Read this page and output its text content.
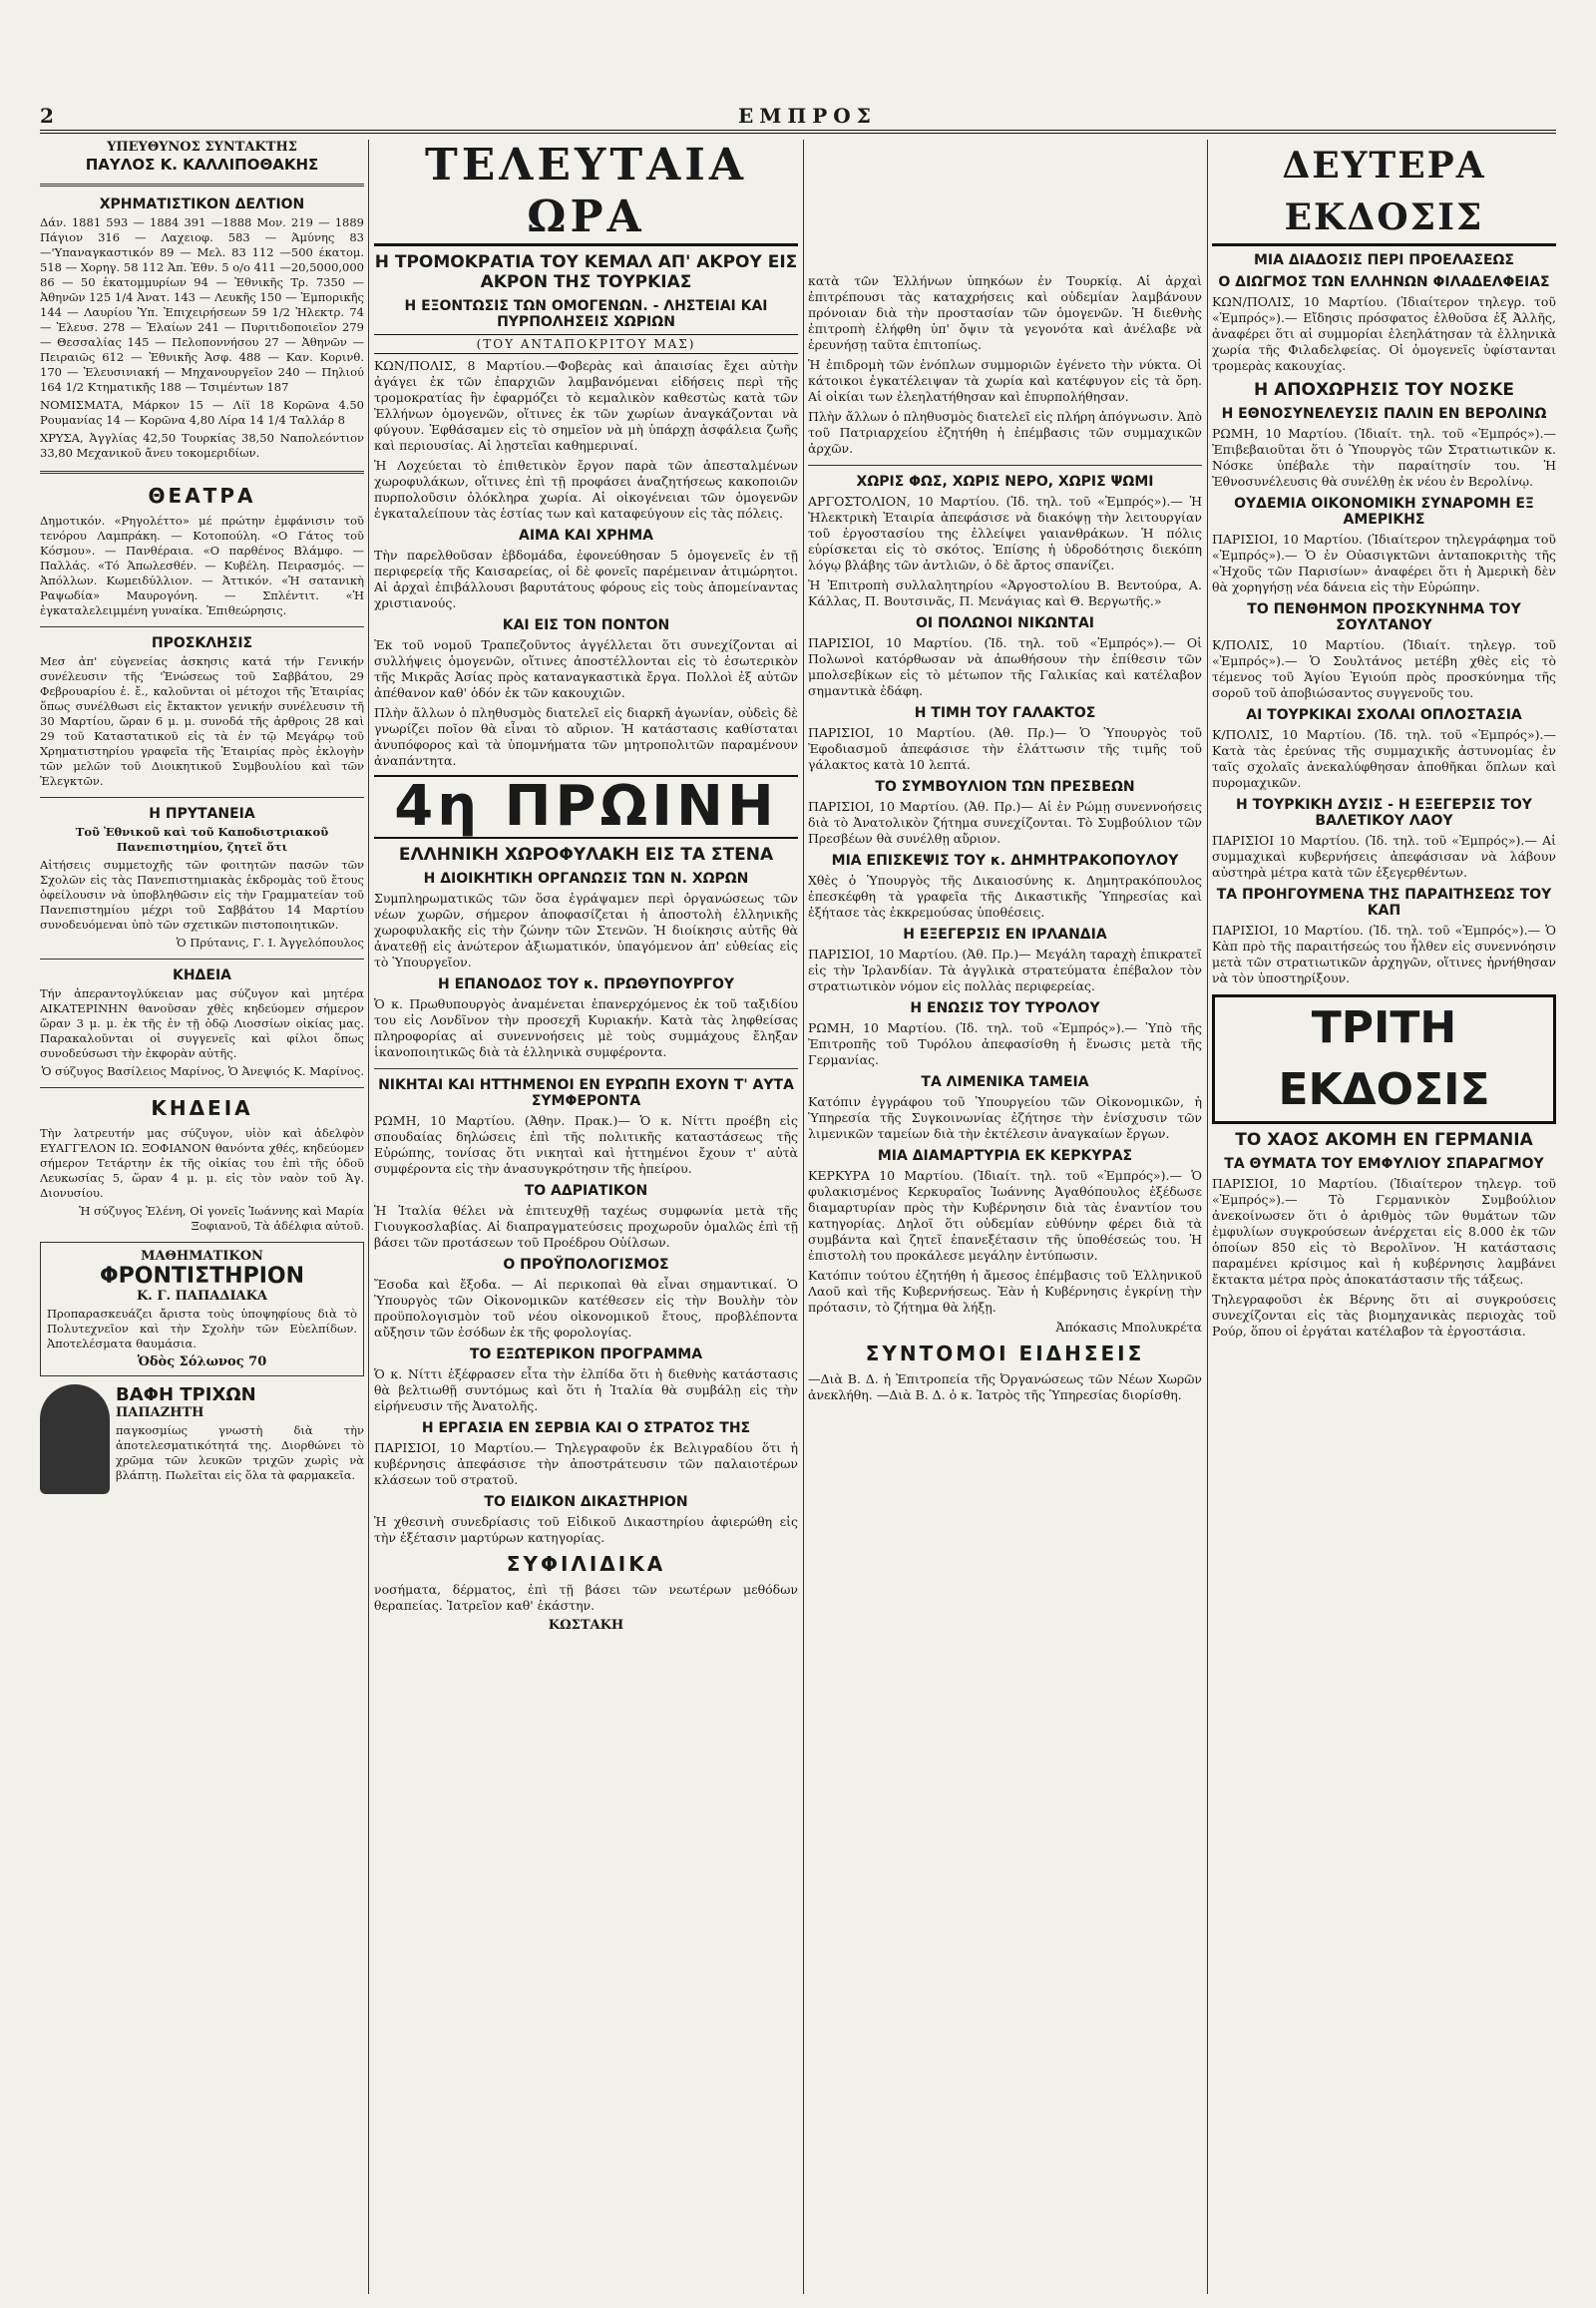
2	ΕΜΠΡΟΣ
ΥΠΕΥΘΥΝΟΣ ΣΥΝΤΑΚΤΗΣ
ΠΑΥΛΟΣ Κ. ΚΑΛΛΙΠΟΘΑΚΗΣ
ΧΡΗΜΑΤΙΣΤΙΚΟΝ ΔΕΛΤΙΟΝ

Δάν. 1881 593 — 1884 391 —1888 Μον. 219 — 1889 Πάγιον 316 — Λαχειοφ. 583 — Άμύνης 83 —'Υπαναγκαστικόν 89 — Μελ. 83 112 —500 έκατομ. 518 — Χορηγ. 58 112 Ἀπ. Ἐθν. 5 ο/ο 411 —20,5000,000 86 — 50 ἑκατομμυρίων 94 — Ἐθνικῆς Τρ. 7350 — Ἀθηνῶν 125 1/4 Ἀνατ. 143 — Λευκῆς 150 — Ἐμπορικῆς 144 — Λαυρίου Ὑπ. Ἐπιχειρήσεων 59 1/2 Ἠλεκτρ. 74 — Ἐλευσ. 278 — Ἐλαίων 241 — Πυριτιδοποιεῖον 279 — Θεσσαλίας 145 — Πελοποννήσου 27 — Ἀθηνῶν — Πειραιῶς 612 — Ἐθνικῆς Ἀσφ. 488 — Καν. Κορινθ. 170 — Ἐλευσινιακή — Μηχανουργεῖον 240 — Πηλιού 164 1/2 Κτηματικῆς 188 — Τσιμέντων 187

ΝΟΜΙΣΜΑΤΑ, Μάρκον 15 — Λίϊ 18 Κορῶνα 4.50 Ρουμανίας 14 — Κορῶνα 4,80 Λίρα 14 1/4 Ταλλάρ 8

ΧΡΥΣΑ, Ἀγγλίας 42,50 Τουρκίας 38,50 Ναπολεόντιον 33,80 Μεχανικοῦ ἄνευ τοκομεριδίων.

ΘΕΑΤΡΑ

Δημοτικόν. «Ρηγολέττο» μέ πρώτην ἐμφάνισιν τοῦ τενόρου Λαμπράκη. — Κοτοπούλη. «Ο Γάτος τοῦ Κόσμου». — Πανθέραια. «Ο παρθένος Βλάμφο. — Παλλάς. «Τό Ἀπωλεσθέν. — Κυβέλη. Πειρασμός. — Ἀπόλλων. Κωμειδύλλιον. — Ἀττικόν. «Ἡ σατανικὴ Ραψωδία» Μαυρογόνη. — Σπλέντιτ. «Ἡ ἐγκαταλελειμμένη γυναίκα. Ἐπιθεώρησις.

ΠΡΟΣΚΛΗΣΙΣ

Μεσ ἀπ' εὐγενείας ἀσκησις κατά τήν Γενικήν συνέλευσιν τῆς 'Ἑνώσεως τοῦ Σαββάτου, 29 Φεβρουαρίου ἐ. ἔ., καλοῦνται οἱ μέτοχοι τῆς Ἐταιρίας ὅπως συνέλθωσι εἰς ἔκτακτον γενικήν συνέλευσιν τῆ 30 Μαρτίου, ὥραν 6 μ. μ. συνοδά τῆς ἀρθροις 28 καὶ 29 τοῦ Καταστατικοῦ εἰς τὰ ἐν τῷ Μεγάρῳ τοῦ Χρηματιστηρίου γραφεῖα τῆς Ἐταιρίας πρὸς ἐκλογὴν τῶν μελῶν τοῦ Διοικητικοῦ Συμβουλίου καὶ τῶν Ἐλεγκτῶν.

Η ΠΡΥΤΑΝΕΙΑ

Τοῦ Ἐθνικοῦ καὶ τοῦ Καποδιστριακοῦ Πανεπιστημίου, ζητεῖ ὅτι

Αἰτήσεις συμμετοχῆς τῶν φοιτητῶν πασῶν τῶν Σχολῶν εἰς τὰς Πανεπιστημιακὰς ἐκδρομὰς τοῦ ἔτους ὀφείλουσιν νὰ ὑποβληθῶσιν εἰς τὴν Γραμματείαν τοῦ Πανεπιστημίου μέχρι τοῦ Σαββάτου 14 Μαρτίου συνοδευόμεναι ὑπὸ τῶν σχετικῶν πιστοποιητικῶν.

Ὁ Πρύτανις, Γ. Ι. Ἀγγελόπουλος

ΚΗΔΕΙΑ

Τήν ἀπεραντογλύκειαν μας σύζυγον καὶ μητέρα ΑΙΚΑΤΕΡΙΝΗΝ θανοῦσαν χθὲς κηδεύομεν σήμερον ὥραν 3 μ. μ. ἐκ τῆς ἐν τῇ ὁδῷ Λιοσσίων οἰκίας μας. Παρακαλοῦνται οἱ συγγενεῖς καὶ φίλοι ὅπως συνοδεύσωσι τὴν ἐκφορὰν αὐτῆς.

Ὁ σύζυγος Βασίλειος Μαρίνος, Ὁ Ἀνεψιός Κ. Μαρίνος.

ΚΗΔΕΙΑ

Τὴν λατρευτήν μας σύζυγον, υἱὸν καὶ ἀδελφὸν ΕΥΑΓΓΕΛΟΝ ΙΩ. ΞΟΦΙΑΝΟΝ θανόντα χθές, κηδεύομεν σήμερον Τετάρτην ἐκ τῆς οἰκίας του ἐπὶ τῆς ὁδοῦ Λευκωσίας 5, ὥραν 4 μ. μ. εἰς τὸν ναὸν τοῦ Ἀγ. Διονυσίου.

Ἡ σύζυγος Ἑλένη, Οἱ γονεῖς Ἰωάννης καὶ Μαρία Ξοφιανοῦ, Τὰ ἀδέλφια αὐτοῦ.

ΜΑΘΗΜΑΤΙΚΟΝ
ΦΡΟΝΤΙΣΤΗΡΙΟΝ
Κ. Γ. ΠΑΠΑΔΙΑΚΑ

Προπαρασκευάζει ἄριστα τοὺς ὑποψηφίους διὰ τὸ Πολυτεχνεῖον καὶ τὴν Σχολὴν τῶν Εὐελπίδων. Ἀποτελέσματα θαυμάσια.

Ὁδὸς Σόλωνος 70
ΒΑΦΗ ΤΡΙΧΩΝ
ΠΑΠΑΖΗΤΗ

παγκοσμίως γνωστὴ διὰ τὴν ἀποτελεσματικότητά της. Διορθώνει τὸ χρῶμα τῶν λευκῶν τριχῶν χωρὶς νὰ βλάπτῃ. Πωλεῖται εἰς ὅλα τὰ φαρμακεῖα.

ΤΕΛΕΥΤΑΙΑ ΩΡΑ
Η ΤΡΟΜΟΚΡΑΤΙΑ ΤΟΥ ΚΕΜΑΛ ΑΠ' ΑΚΡΟΥ ΕΙΣ ΑΚΡΟΝ ΤΗΣ ΤΟΥΡΚΙΑΣ
Η ΕΞΟΝΤΩΣΙΣ ΤΩΝ ΟΜΟΓΕΝΩΝ. - ΛΗΣΤΕΙΑΙ ΚΑΙ ΠΥΡΠΟΛΗΣΕΙΣ ΧΩΡΙΩΝ
(ΤΟΥ ΑΝΤΑΠΟΚΡΙΤΟΥ ΜΑΣ)

ΚΩΝ/ΠΟΛΙΣ, 8 Μαρτίου.—Φοβερὰς καὶ ἀπαισίας ἔχει αὐτὴν ἀγάγει ἐκ τῶν ἐπαρχιῶν λαμβανόμεναι εἰδήσεις περὶ τῆς τρομοκρατίας ἣν ἐφαρμόζει τὸ κεμαλικὸν καθεστὼς κατὰ τῶν Ἑλλήνων ὁμογενῶν, οἵτινες ἐκ τῶν χωρίων ἀναγκάζονται νὰ φύγουν. Ἐφθάσαμεν εἰς τὸ σημεῖον νὰ μὴ ὑπάρχῃ ἀσφάλεια ζωῆς καὶ περιουσίας. Αἱ λῃστεῖαι καθημεριναί.

Ἡ Λοχεύεται τὸ ἐπιθετικὸν ἔργον παρὰ τῶν ἀπεσταλμένων χωροφυλάκων, οἵτινες ἐπὶ τῇ προφάσει ἀναζητήσεως κακοποιῶν πυρπολοῦσιν ὁλόκληρα χωρία. Αἱ οἰκογένειαι τῶν ὁμογενῶν ἐγκαταλείπουν τὰς ἑστίας των καὶ καταφεύγουν εἰς τὰς πόλεις.

ΑΙΜΑ ΚΑΙ ΧΡΗΜΑ

Τὴν παρελθοῦσαν ἑβδομάδα, ἐφονεύθησαν 5 ὁμογενεῖς ἐν τῇ περιφερείᾳ τῆς Καισαρείας, οἱ δὲ φονεῖς παρέμειναν ἀτιμώρητοι. Αἱ ἀρχαὶ ἐπιβάλλουσι βαρυτάτους φόρους εἰς τοὺς ἀπομείναντας χριστιανούς.

ΚΑΙ ΕΙΣ ΤΟΝ ΠΟΝΤΟΝ

Ἐκ τοῦ νομοῦ Τραπεζοῦντος ἀγγέλλεται ὅτι συνεχίζονται αἱ συλλήψεις ὁμογενῶν, οἵτινες ἀποστέλλονται εἰς τὸ ἐσωτερικὸν τῆς Μικρᾶς Ἀσίας πρὸς καταναγκαστικὰ ἔργα. Πολλοὶ ἐξ αὐτῶν ἀπέθανον καθ' ὁδόν ἐκ τῶν κακουχιῶν.

Πλὴν ἄλλων ὁ πληθυσμὸς διατελεῖ εἰς διαρκῆ ἀγωνίαν, οὐδεὶς δὲ γνωρίζει ποῖον θὰ εἶναι τὸ αὔριον. Ἡ κατάστασις καθίσταται ἀνυπόφορος καὶ τὰ ὑπομνήματα τῶν μητροπολιτῶν παραμένουν ἀναπάντητα.

4η ΠΡΩΙΝΗ
ΕΛΛΗΝΙΚΗ ΧΩΡΟΦΥΛΑΚΗ ΕΙΣ ΤΑ ΣΤΕΝΑ
Η ΔΙΟΙΚΗΤΙΚΗ ΟΡΓΑΝΩΣΙΣ ΤΩΝ Ν. ΧΩΡΩΝ

Συμπληρωματικῶς τῶν ὅσα ἐγράψαμεν περὶ ὀργανώσεως τῶν νέων χωρῶν, σήμερον ἀποφασίζεται ἡ ἀποστολὴ ἑλληνικῆς χωροφυλακῆς εἰς τὴν ζώνην τῶν Στενῶν. Ἡ διοίκησις αὐτῆς θὰ ἀνατεθῇ εἰς ἀνώτερον ἀξιωματικόν, ὑπαγόμενον ἀπ' εὐθείας εἰς τὸ Ὑπουργεῖον.

Η ΕΠΑΝΟΔΟΣ ΤΟΥ κ. ΠΡΩΘΥΠΟΥΡΓΟΥ

Ὁ κ. Πρωθυπουργὸς ἀναμένεται ἐπανερχόμενος ἐκ τοῦ ταξιδίου του εἰς Λονδῖνον τὴν προσεχῆ Κυριακήν. Κατὰ τὰς ληφθείσας πληροφορίας αἱ συνεννοήσεις μὲ τοὺς συμμάχους ἔληξαν ἱκανοποιητικῶς διὰ τὰ ἑλληνικὰ συμφέροντα.

ΝΙΚΗΤΑΙ ΚΑΙ ΗΤΤΗΜΕΝΟΙ ΕΝ ΕΥΡΩΠΗ ΕΧΟΥΝ Τ' ΑΥΤΑ ΣΥΜΦΕΡΟΝΤΑ

ΡΩΜΗ, 10 Μαρτίου. (Ἀθην. Πρακ.)— Ὁ κ. Νίττι προέβη εἰς σπουδαίας δηλώσεις ἐπὶ τῆς πολιτικῆς καταστάσεως τῆς Εὐρώπης, τονίσας ὅτι νικηταὶ καὶ ἡττημένοι ἔχουν τ' αὐτὰ συμφέροντα εἰς τὴν ἀνασυγκρότησιν τῆς ἠπείρου.

ΤΟ ΑΔΡΙΑΤΙΚΟΝ

Ἡ Ἰταλία θέλει νὰ ἐπιτευχθῇ ταχέως συμφωνία μετὰ τῆς Γιουγκοσλαβίας. Αἱ διαπραγματεύσεις προχωροῦν ὁμαλῶς ἐπὶ τῇ βάσει τῶν προτάσεων τοῦ Προέδρου Οὐίλσων.

Ο ΠΡΟΫΠΟΛΟΓΙΣΜΟΣ

Ἔσοδα καὶ ἔξοδα. — Αἱ περικοπαὶ θὰ εἶναι σημαντικαί. Ὁ Ὑπουργὸς τῶν Οἰκονομικῶν κατέθεσεν εἰς τὴν Βουλὴν τὸν προϋπολογισμὸν τοῦ νέου οἰκονομικοῦ ἔτους, προβλέποντα αὔξησιν τῶν ἐσόδων ἐκ τῆς φορολογίας.

ΤΟ ΕΞΩΤΕΡΙΚΟΝ ΠΡΟΓΡΑΜΜΑ

Ὁ κ. Νίττι ἐξέφρασεν εἶτα τὴν ἐλπίδα ὅτι ἡ διεθνὴς κατάστασις θὰ βελτιωθῇ συντόμως καὶ ὅτι ἡ Ἰταλία θὰ συμβάλῃ εἰς τὴν εἰρήνευσιν τῆς Ἀνατολῆς.

Η ΕΡΓΑΣΙΑ ΕΝ ΣΕΡΒΙΑ ΚΑΙ Ο ΣΤΡΑΤΟΣ ΤΗΣ

ΠΑΡΙΣΙΟΙ, 10 Μαρτίου.— Τηλεγραφοῦν ἐκ Βελιγραδίου ὅτι ἡ κυβέρνησις ἀπεφάσισε τὴν ἀποστράτευσιν τῶν παλαιοτέρων κλάσεων τοῦ στρατοῦ.

ΤΟ ΕΙΔΙΚΟΝ ΔΙΚΑΣΤΗΡΙΟΝ

Ἡ χθεσινὴ συνεδρίασις τοῦ Εἰδικοῦ Δικαστηρίου ἀφιερώθη εἰς τὴν ἐξέτασιν μαρτύρων κατηγορίας.

ΣΥΦΙΛΙΔΙΚΑ

νοσήματα, δέρματος, ἐπὶ τῇ βάσει τῶν νεωτέρων μεθόδων θεραπείας. Ἰατρεῖον καθ' ἑκάστην.

ΚΩΣΤΑΚΗ

κατὰ τῶν Ἑλλήνων ὑπηκόων ἐν Τουρκίᾳ. Αἱ ἀρχαὶ ἐπιτρέπουσι τὰς καταχρήσεις καὶ οὐδεμίαν λαμβάνουν πρόνοιαν διὰ τὴν προστασίαν τῶν ὁμογενῶν. Ἡ διεθνὴς ἐπιτροπὴ ἐλήφθη ὑπ' ὄψιν τὰ γεγονότα καὶ ἀνέλαβε νὰ ἐρευνήσῃ ταῦτα ἐπιτοπίως.

Ἡ ἐπιδρομὴ τῶν ἐνόπλων συμμοριῶν ἐγένετο τὴν νύκτα. Οἱ κάτοικοι ἐγκατέλειψαν τὰ χωρία καὶ κατέφυγον εἰς τὰ ὄρη. Αἱ οἰκίαι των ἐλεηλατήθησαν καὶ ἐπυρπολήθησαν.

Πλὴν ἄλλων ὁ πληθυσμὸς διατελεῖ εἰς πλήρη ἀπόγνωσιν. Ἀπὸ τοῦ Πατριαρχείου ἐζητήθη ἡ ἐπέμβασις τῶν συμμαχικῶν ἀρχῶν.

ΧΩΡΙΣ ΦΩΣ, ΧΩΡΙΣ ΝΕΡΟ, ΧΩΡΙΣ ΨΩΜΙ

ΑΡΓΟΣΤΟΛΙΟΝ, 10 Μαρτίου. (Ἰδ. τηλ. τοῦ «Ἐμπρός»).— Ἡ Ἠλεκτρικὴ Ἑταιρία ἀπεφάσισε νὰ διακόψῃ τὴν λειτουργίαν τοῦ ἐργοστασίου της ἐλλείψει γαιανθράκων. Ἡ πόλις εὑρίσκεται εἰς τὸ σκότος. Ἐπίσης ἡ ὑδροδότησις διεκόπη λόγῳ βλάβης τῶν ἀντλιῶν, ὁ δὲ ἄρτος σπανίζει.

Ἡ Ἐπιτροπὴ συλλαλητηρίου «Ἀργοστολίου Β. Βεντούρα, Α. Κάλλας, Π. Βουτσινᾶς, Π. Μενάγιας καὶ Θ. Βεργωτῆς.»

ΟΙ ΠΟΛΩΝΟΙ ΝΙΚΩΝΤΑΙ

ΠΑΡΙΣΙΟΙ, 10 Μαρτίου. (Ἰδ. τηλ. τοῦ «Ἐμπρός»).— Οἱ Πολωνοὶ κατόρθωσαν νὰ ἀπωθήσουν τὴν ἐπίθεσιν τῶν μπολσεβίκων εἰς τὸ μέτωπον τῆς Γαλικίας καὶ κατέλαβον σημαντικὰ ἐδάφη.

Η ΤΙΜΗ ΤΟΥ ΓΑΛΑΚΤΟΣ

ΠΑΡΙΣΙΟΙ, 10 Μαρτίου. (Ἀθ. Πρ.)— Ὁ Ὑπουργὸς τοῦ Ἐφοδιασμοῦ ἀπεφάσισε τὴν ἐλάττωσιν τῆς τιμῆς τοῦ γάλακτος κατὰ 10 λεπτά.

ΤΟ ΣΥΜΒΟΥΛΙΟΝ ΤΩΝ ΠΡΕΣΒΕΩΝ

ΠΑΡΙΣΙΟΙ, 10 Μαρτίου. (Ἀθ. Πρ.)— Αἱ ἐν Ρώμῃ συνεννοήσεις διὰ τὸ Ἀνατολικὸν ζήτημα συνεχίζονται. Τὸ Συμβούλιον τῶν Πρεσβέων θὰ συνέλθῃ αὔριον.

ΜΙΑ ΕΠΙΣΚΕΨΙΣ ΤΟΥ κ. ΔΗΜΗΤΡΑΚΟΠΟΥΛΟΥ

Χθὲς ὁ Ὑπουργὸς τῆς Δικαιοσύνης κ. Δημητρακόπουλος ἐπεσκέφθη τὰ γραφεῖα τῆς Δικαστικῆς Ὑπηρεσίας καὶ ἐξήτασε τὰς ἐκκρεμούσας ὑποθέσεις.

Η ΕΞΕΓΕΡΣΙΣ ΕΝ ΙΡΛΑΝΔΙΑ

ΠΑΡΙΣΙΟΙ, 10 Μαρτίου. (Ἀθ. Πρ.)— Μεγάλη ταραχὴ ἐπικρατεῖ εἰς τὴν Ἰρλανδίαν. Τὰ ἀγγλικὰ στρατεύματα ἐπέβαλον τὸν στρατιωτικὸν νόμον εἰς πολλὰς περιφερείας.

Η ΕΝΩΣΙΣ ΤΟΥ ΤΥΡΟΛΟΥ

ΡΩΜΗ, 10 Μαρτίου. (Ἰδ. τηλ. τοῦ «Ἐμπρός»).— Ὑπὸ τῆς Ἐπιτροπῆς τοῦ Τυρόλου ἀπεφασίσθη ἡ ἕνωσις μετὰ τῆς Γερμανίας.

ΤΑ ΛΙΜΕΝΙΚΑ ΤΑΜΕΙΑ

Κατόπιν ἐγγράφου τοῦ Ὑπουργείου τῶν Οἰκονομικῶν, ἡ Ὑπηρεσία τῆς Συγκοινωνίας ἐζήτησε τὴν ἐνίσχυσιν τῶν λιμενικῶν ταμείων διὰ τὴν ἐκτέλεσιν ἀναγκαίων ἔργων.

ΜΙΑ ΔΙΑΜΑΡΤΥΡΙΑ ΕΚ ΚΕΡΚΥΡΑΣ

ΚΕΡΚΥΡΑ 10 Μαρτίου. (Ἰδιαίτ. τηλ. τοῦ «Ἐμπρός»).— Ὁ φυλακισμένος Κερκυραῖος Ἰωάννης Ἀγαθόπουλος ἐξέδωσε διαμαρτυρίαν πρὸς τὴν Κυβέρνησιν διὰ τὰς ἐναντίον του κατηγορίας. Δηλοῖ ὅτι οὐδεμίαν εὐθύνην φέρει διὰ τὰ συμβάντα καὶ ζητεῖ ἐπανεξέτασιν τῆς ὑποθέσεώς του. Ἡ ἐπιστολὴ του προκάλεσε μεγάλην ἐντύπωσιν.

Κατόπιν τούτου ἐζητήθη ἡ ἄμεσος ἐπέμβασις τοῦ Ἑλληνικοῦ Λαοῦ καὶ τῆς Κυβερνήσεως. Ἐὰν ἡ Κυβέρνησις ἐγκρίνῃ τὴν πρότασιν, τὸ ζήτημα θὰ λήξῃ.

Ἀπόκασις Μπολυκρέτα

ΣΥΝΤΟΜΟΙ ΕΙΔΗΣΕΙΣ

—Διὰ Β. Δ. ἡ Ἐπιτροπεία τῆς Ὀργανώσεως τῶν Νέων Χωρῶν ἀνεκλήθη. —Διὰ Β. Δ. ὁ κ. Ἰατρὸς τῆς Ὑπηρεσίας διορίσθη.

ΔΕΥΤΕΡΑ ΕΚΔΟΣΙΣ
ΜΙΑ ΔΙΑΔΟΣΙΣ ΠΕΡΙ ΠΡΟΕΛΑΣΕΩΣ
Ο ΔΙΩΓΜΟΣ ΤΩΝ ΕΛΛΗΝΩΝ ΦΙΛΑΔΕΛΦΕΙΑΣ

ΚΩΝ/ΠΟΛΙΣ, 10 Μαρτίου. (Ἰδιαίτερον τηλεγρ. τοῦ «Ἐμπρός»).— Εἴδησις πρόσφατος ἐλθοῦσα ἐξ Ἀλλῆς, ἀναφέρει ὅτι αἱ συμμορίαι ἐλεηλάτησαν τὰ ἑλληνικὰ χωρία τῆς Φιλαδελφείας. Οἱ ὁμογενεῖς ὑφίστανται τρομερὰς κακουχίας.

Η ΑΠΟΧΩΡΗΣΙΣ ΤΟΥ ΝΟΣΚΕ
Η ΕΘΝΟΣΥΝΕΛΕΥΣΙΣ ΠΑΛΙΝ ΕΝ ΒΕΡΟΛΙΝΩ

ΡΩΜΗ, 10 Μαρτίου. (Ἰδιαίτ. τηλ. τοῦ «Ἐμπρός»).— Ἐπιβεβαιοῦται ὅτι ὁ Ὑπουργὸς τῶν Στρατιωτικῶν κ. Νόσκε ὑπέβαλε τὴν παραίτησίν του. Ἡ Ἐθνοσυνέλευσις θὰ συνέλθῃ ἐκ νέου ἐν Βερολίνῳ.

ΟΥΔΕΜΙΑ ΟΙΚΟΝΟΜΙΚΗ ΣΥΝΑΡΟΜΗ ΕΞ ΑΜΕΡΙΚΗΣ

ΠΑΡΙΣΙΟΙ, 10 Μαρτίου. (Ἰδιαίτερον τηλεγράφημα τοῦ «Ἐμπρός»).— Ὁ ἐν Οὐασιγκτῶνι ἀνταποκριτὴς τῆς «Ἠχοῦς τῶν Παρισίων» ἀναφέρει ὅτι ἡ Ἀμερικὴ δὲν θὰ χορηγήσῃ νέα δάνεια εἰς τὴν Εὐρώπην.

ΤΟ ΠΕΝΘΗΜΟΝ ΠΡΟΣΚΥΝΗΜΑ ΤΟΥ ΣΟΥΛΤΑΝΟΥ

Κ/ΠΟΛΙΣ, 10 Μαρτίου. (Ἰδιαίτ. τηλεγρ. τοῦ «Ἐμπρός»).— Ὁ Σουλτάνος μετέβη χθὲς εἰς τὸ τέμενος τοῦ Ἁγίου Ἐγιούπ πρὸς προσκύνημα τῆς σοροῦ τοῦ ἀποβιώσαντος συγγενοῦς του.

ΑΙ ΤΟΥΡΚΙΚΑΙ ΣΧΟΛΑΙ ΟΠΛΟΣΤΑΣΙΑ

Κ/ΠΟΛΙΣ, 10 Μαρτίου. (Ἰδ. τηλ. τοῦ «Ἐμπρός»).— Κατὰ τὰς ἐρεύνας τῆς συμμαχικῆς ἀστυνομίας ἐν ταῖς σχολαῖς ἀνεκαλύφθησαν ἀποθῆκαι ὅπλων καὶ πυρομαχικῶν.

Η ΤΟΥΡΚΙΚΗ ΔΥΣΙΣ - Η ΕΞΕΓΕΡΣΙΣ ΤΟΥ ΒΑΛΕΤΙΚΟΥ ΛΑΟΥ

ΠΑΡΙΣΙΟΙ 10 Μαρτίου. (Ἰδ. τηλ. τοῦ «Ἐμπρός»).— Αἱ συμμαχικαὶ κυβερνήσεις ἀπεφάσισαν νὰ λάβουν αὐστηρὰ μέτρα κατὰ τῶν ἐξεγερθέντων.

ΤΑ ΠΡΟΗΓΟΥΜΕΝΑ ΤΗΣ ΠΑΡΑΙΤΗΣΕΩΣ ΤΟΥ ΚΑΠ

ΠΑΡΙΣΙΟΙ, 10 Μαρτίου. (Ἰδ. τηλ. τοῦ «Ἐμπρός»).— Ὁ Κὰπ πρὸ τῆς παραιτήσεώς του ἦλθεν εἰς συνεννόησιν μετὰ τῶν στρατιωτικῶν ἀρχηγῶν, οἵτινες ἠρνήθησαν νὰ τὸν ὑποστηρίξουν.

ΤΡΙΤΗ ΕΚΔΟΣΙΣ
ΤΟ ΧΑΟΣ ΑΚΟΜΗ ΕΝ ΓΕΡΜΑΝΙΑ
ΤΑ ΘΥΜΑΤΑ ΤΟΥ ΕΜΦΥΛΙΟΥ ΣΠΑΡΑΓΜΟΥ

ΠΑΡΙΣΙΟΙ, 10 Μαρτίου. (Ἰδιαίτερον τηλεγρ. τοῦ «Ἐμπρός»).— Τὸ Γερμανικὸν Συμβούλιον ἀνεκοίνωσεν ὅτι ὁ ἀριθμὸς τῶν θυμάτων τῶν ἐμφυλίων συγκρούσεων ἀνέρχεται εἰς 8.000 ἐκ τῶν ὁποίων 850 εἰς τὸ Βερολῖνον. Ἡ κατάστασις παραμένει κρίσιμος καὶ ἡ κυβέρνησις λαμβάνει ἔκτακτα μέτρα πρὸς ἀποκατάστασιν τῆς τάξεως.

Τηλεγραφοῦσι ἐκ Βέρνης ὅτι αἱ συγκρούσεις συνεχίζονται εἰς τὰς βιομηχανικὰς περιοχὰς τοῦ Ρούρ, ὅπου οἱ ἐργάται κατέλαβον τὰ ἐργοστάσια.
